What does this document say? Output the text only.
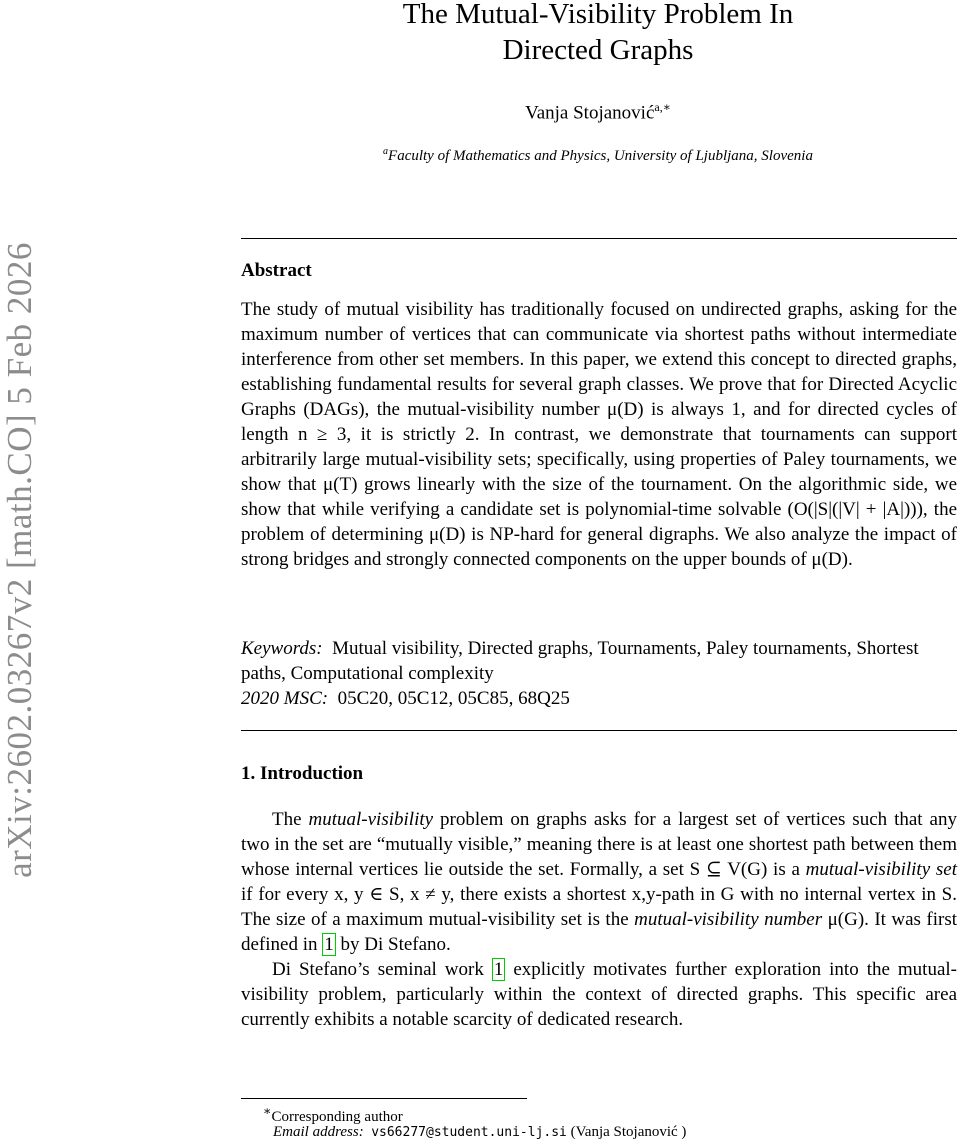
arXiv:2602.03267v2 [math.CO] 5 Feb 2026
The Mutual-Visibility Problem In
Directed Graphs
Vanja Stojanović$^{a,∗}$
$^a$Faculty of Mathematics and Physics, University of Ljubljana, Slovenia
Abstract
The study of mutual visibility has traditionally focused on undirected graphs, asking for the maximum number of vertices that can communicate via shortest paths without intermediate interference from other set members. In this paper, we extend this concept to directed graphs, establishing fundamental results for several graph classes. We prove that for Directed Acyclic Graphs (DAGs), the mutual-visibility number μ(D) is always 1, and for directed cycles of length n ≥ 3, it is strictly 2. In contrast, we demonstrate that tournaments can support arbitrarily large mutual-visibility sets; specifically, using properties of Paley tournaments, we show that μ(T) grows linearly with the size of the tournament. On the algorithmic side, we show that while verifying a candidate set is polynomial-time solvable (O(|S|(|V| + |A|))), the problem of determining μ(D) is NP-hard for general digraphs. We also analyze the impact of strong bridges and strongly connected components on the upper bounds of μ(D).
Keywords: Mutual visibility, Directed graphs, Tournaments, Paley tournaments, Shortest paths, Computational complexity
2020 MSC: 05C20, 05C12, 05C85, 68Q25
1. Introduction

The mutual-visibility problem on graphs asks for a largest set of vertices such that any two in the set are “mutually visible,” meaning there is at least one shortest path between them whose internal vertices lie outside the set. Formally, a set S ⊆ V(G) is a mutual-visibility set if for every x, y ∈ S, x ≠ y, there exists a shortest x,y-path in G with no internal vertex in S. The size of a maximum mutual-visibility set is the mutual-visibility number μ(G). It was first defined in 1 by Di Stefano.

Di Stefano’s seminal work 1 explicitly motivates further exploration into the mutual-visibility problem, particularly within the context of directed graphs. This specific area currently exhibits a notable scarcity of dedicated research.

∗Corresponding author
Email address: vs66277@student.uni-lj.si (Vanja Stojanović )
